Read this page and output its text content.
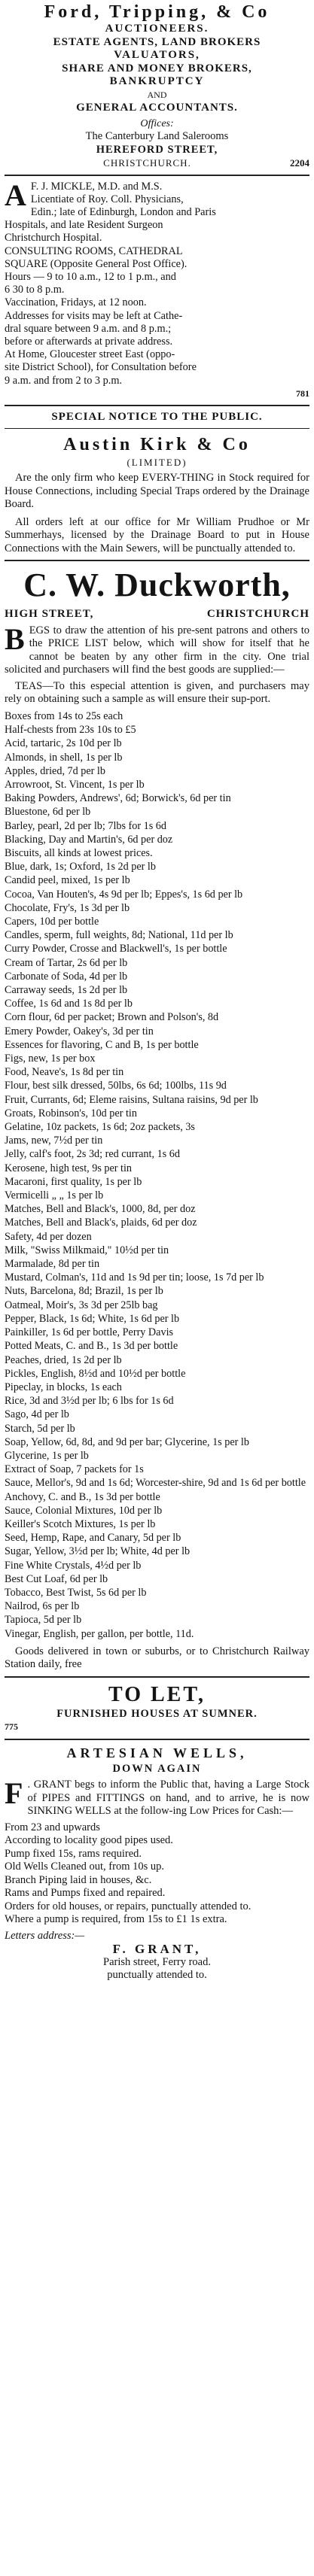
Ford, Tripping, & Co
AUCTIONEERS.
ESTATE AGENTS, LAND BROKERS
VALUATORS,
SHARE AND MONEY BROKERS,
BANKRUPTCY
AND
GENERAL ACCOUNTANTS.
Offices:
The Canterbury Land Salerooms
HEREFORD STREET,
CHRISTCHURCH.	2204
A F. J. MICKLE, M.D. and M.S.
Licentiate of Roy. Coll. Physicians,
Edin.; late of Edinburgh, London and Paris
Hospitals, and late Resident Surgeon
Christchurch Hospital.
CONSULTING ROOMS, CATHEDRAL
SQUARE (Opposite General Post Office).
Hours — 9 to 10 a.m., 12 to 1 p.m., and
6 30 to 8 p.m.
Vaccination, Fridays, at 12 noon.
Addresses for visits may be left at Cathe-
dral square between 9 a.m. and 8 p.m.;
before or afterwards at private address.
At Home, Gloucester street East (oppo-
site District School), for Consultation before
9 a.m. and from 2 to 3 p.m.
781
SPECIAL NOTICE TO THE PUBLIC.
Austin Kirk & Co
(LIMITED)

Are the only firm who keep EVERY-THING in Stock required for House Connections, including Special Traps ordered by the Drainage Board.

All orders left at our office for Mr William Prudhoe or Mr Summerhays, licensed by the Drainage Board to put in House Connections with the Main Sewers, will be punctually attended to.

C. W. Duckworth,
HIGH STREET,	CHRISTCHURCH

BEGS to draw the attention of his pre-sent patrons and others to the PRICE LIST below, which will show for itself that he cannot be beaten by any other firm in the city. One trial solicited and purchasers will find the best goods are supplied:—

TEAS—To this especial attention is given, and purchasers may rely on obtaining such a sample as will ensure their sup-port.

Boxes from 14s to 25s each
Half-chests from 23s 10s to £5
Acid, tartaric, 2s 10d per lb
Almonds, in shell, 1s per lb
Apples, dried, 7d per lb
Arrowroot, St. Vincent, 1s per lb
Baking Powders, Andrews', 6d; Borwick's, 6d per tin
Bluestone, 6d per lb
Barley, pearl, 2d per lb; 7lbs for 1s 6d
Blacking, Day and Martin's, 6d per doz
Biscuits, all kinds at lowest prices.
Blue, dark, 1s; Oxford, 1s 2d per lb
Candid peel, mixed, 1s per lb
Cocoa, Van Houten's, 4s 9d per lb; Eppes's, 1s 6d per lb
Chocolate, Fry's, 1s 3d per lb
Capers, 10d per bottle
Candles, sperm, full weights, 8d; National, 11d per lb
Curry Powder, Crosse and Blackwell's, 1s per bottle
Cream of Tartar, 2s 6d per lb
Carbonate of Soda, 4d per lb
Carraway seeds, 1s 2d per lb
Coffee, 1s 6d and 1s 8d per lb
Corn flour, 6d per packet; Brown and Polson's, 8d
Emery Powder, Oakey's, 3d per tin
Essences for flavoring, C and B, 1s per bottle
Figs, new, 1s per box
Food, Neave's, 1s 8d per tin
Flour, best silk dressed, 50lbs, 6s 6d; 100lbs, 11s 9d
Fruit, Currants, 6d; Eleme raisins, Sultana raisins, 9d per lb
Groats, Robinson's, 10d per tin
Gelatine, 10z packets, 1s 6d; 2oz packets, 3s
Jams, new, 7½d per tin
Jelly, calf's foot, 2s 3d; red currant, 1s 6d
Kerosene, high test, 9s per tin
Macaroni, first quality, 1s per lb
Vermicelli „ „ 1s per lb
Matches, Bell and Black's, 1000, 8d, per doz
Matches, Bell and Black's, plaids, 6d per doz
Safety, 4d per dozen
Milk, "Swiss Milkmaid," 10½d per tin
Marmalade, 8d per tin
Mustard, Colman's, 11d and 1s 9d per tin; loose, 1s 7d per lb
Nuts, Barcelona, 8d; Brazil, 1s per lb
Oatmeal, Moir's, 3s 3d per 25lb bag
Pepper, Black, 1s 6d; White, 1s 6d per lb
Painkiller, 1s 6d per bottle, Perry Davis
Potted Meats, C. and B., 1s 3d per bottle
Peaches, dried, 1s 2d per lb
Pickles, English, 8½d and 10½d per bottle
Pipeclay, in blocks, 1s each
Rice, 3d and 3½d per lb; 6 lbs for 1s 6d
Sago, 4d per lb
Starch, 5d per lb
Soap, Yellow, 6d, 8d, and 9d per bar; Glycerine, 1s per lb
Glycerine, 1s per lb
Extract of Soap, 7 packets for 1s
Sauce, Mellor's, 9d and 1s 6d; Worcester-shire, 9d and 1s 6d per bottle
Anchovy, C. and B., 1s 3d per bottle
Sauce, Colonial Mixtures, 10d per lb
Keiller's Scotch Mixtures, 1s per lb
Seed, Hemp, Rape, and Canary, 5d per lb
Sugar, Yellow, 3½d per lb; White, 4d per lb
Fine White Crystals, 4½d per lb
Best Cut Loaf, 6d per lb
Tobacco, Best Twist, 5s 6d per lb
Nailrod, 6s per lb
Tapioca, 5d per lb
Vinegar, English, per gallon, per bottle, 11d.

Goods delivered in town or suburbs, or to Christchurch Railway Station daily, free

TO LET,
FURNISHED HOUSES AT SUMNER.
775
ARTESIAN WELLS,
DOWN AGAIN

F . GRANT begs to inform the Public that, having a Large Stock of PIPES and FITTINGS on hand, and to arrive, he is now SINKING WELLS at the follow-ing Low Prices for Cash:—

From 23 and upwards
According to locality good pipes used.
Pump fixed 15s, rams required.
Old Wells Cleaned out, from 10s up.
Branch Piping laid in houses, &c.
Rams and Pumps fixed and repaired.
Orders for old houses, or repairs, punctually attended to.
Where a pump is required, from 15s to £1 1s extra.
Letters address:—
F. GRANT,
Parish street, Ferry road.
punctually attended to.
